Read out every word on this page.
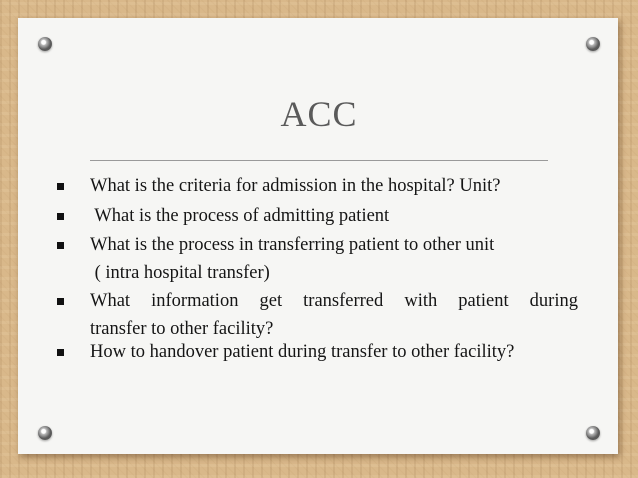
ACC
What is the criteria for admission in the hospital? Unit?
What is the process of admitting patient
What is the process in transferring patient to other unit
( intra hospital transfer)
What information get transferred with patient during
transfer to other facility?
How to handover patient during transfer to other facility?
